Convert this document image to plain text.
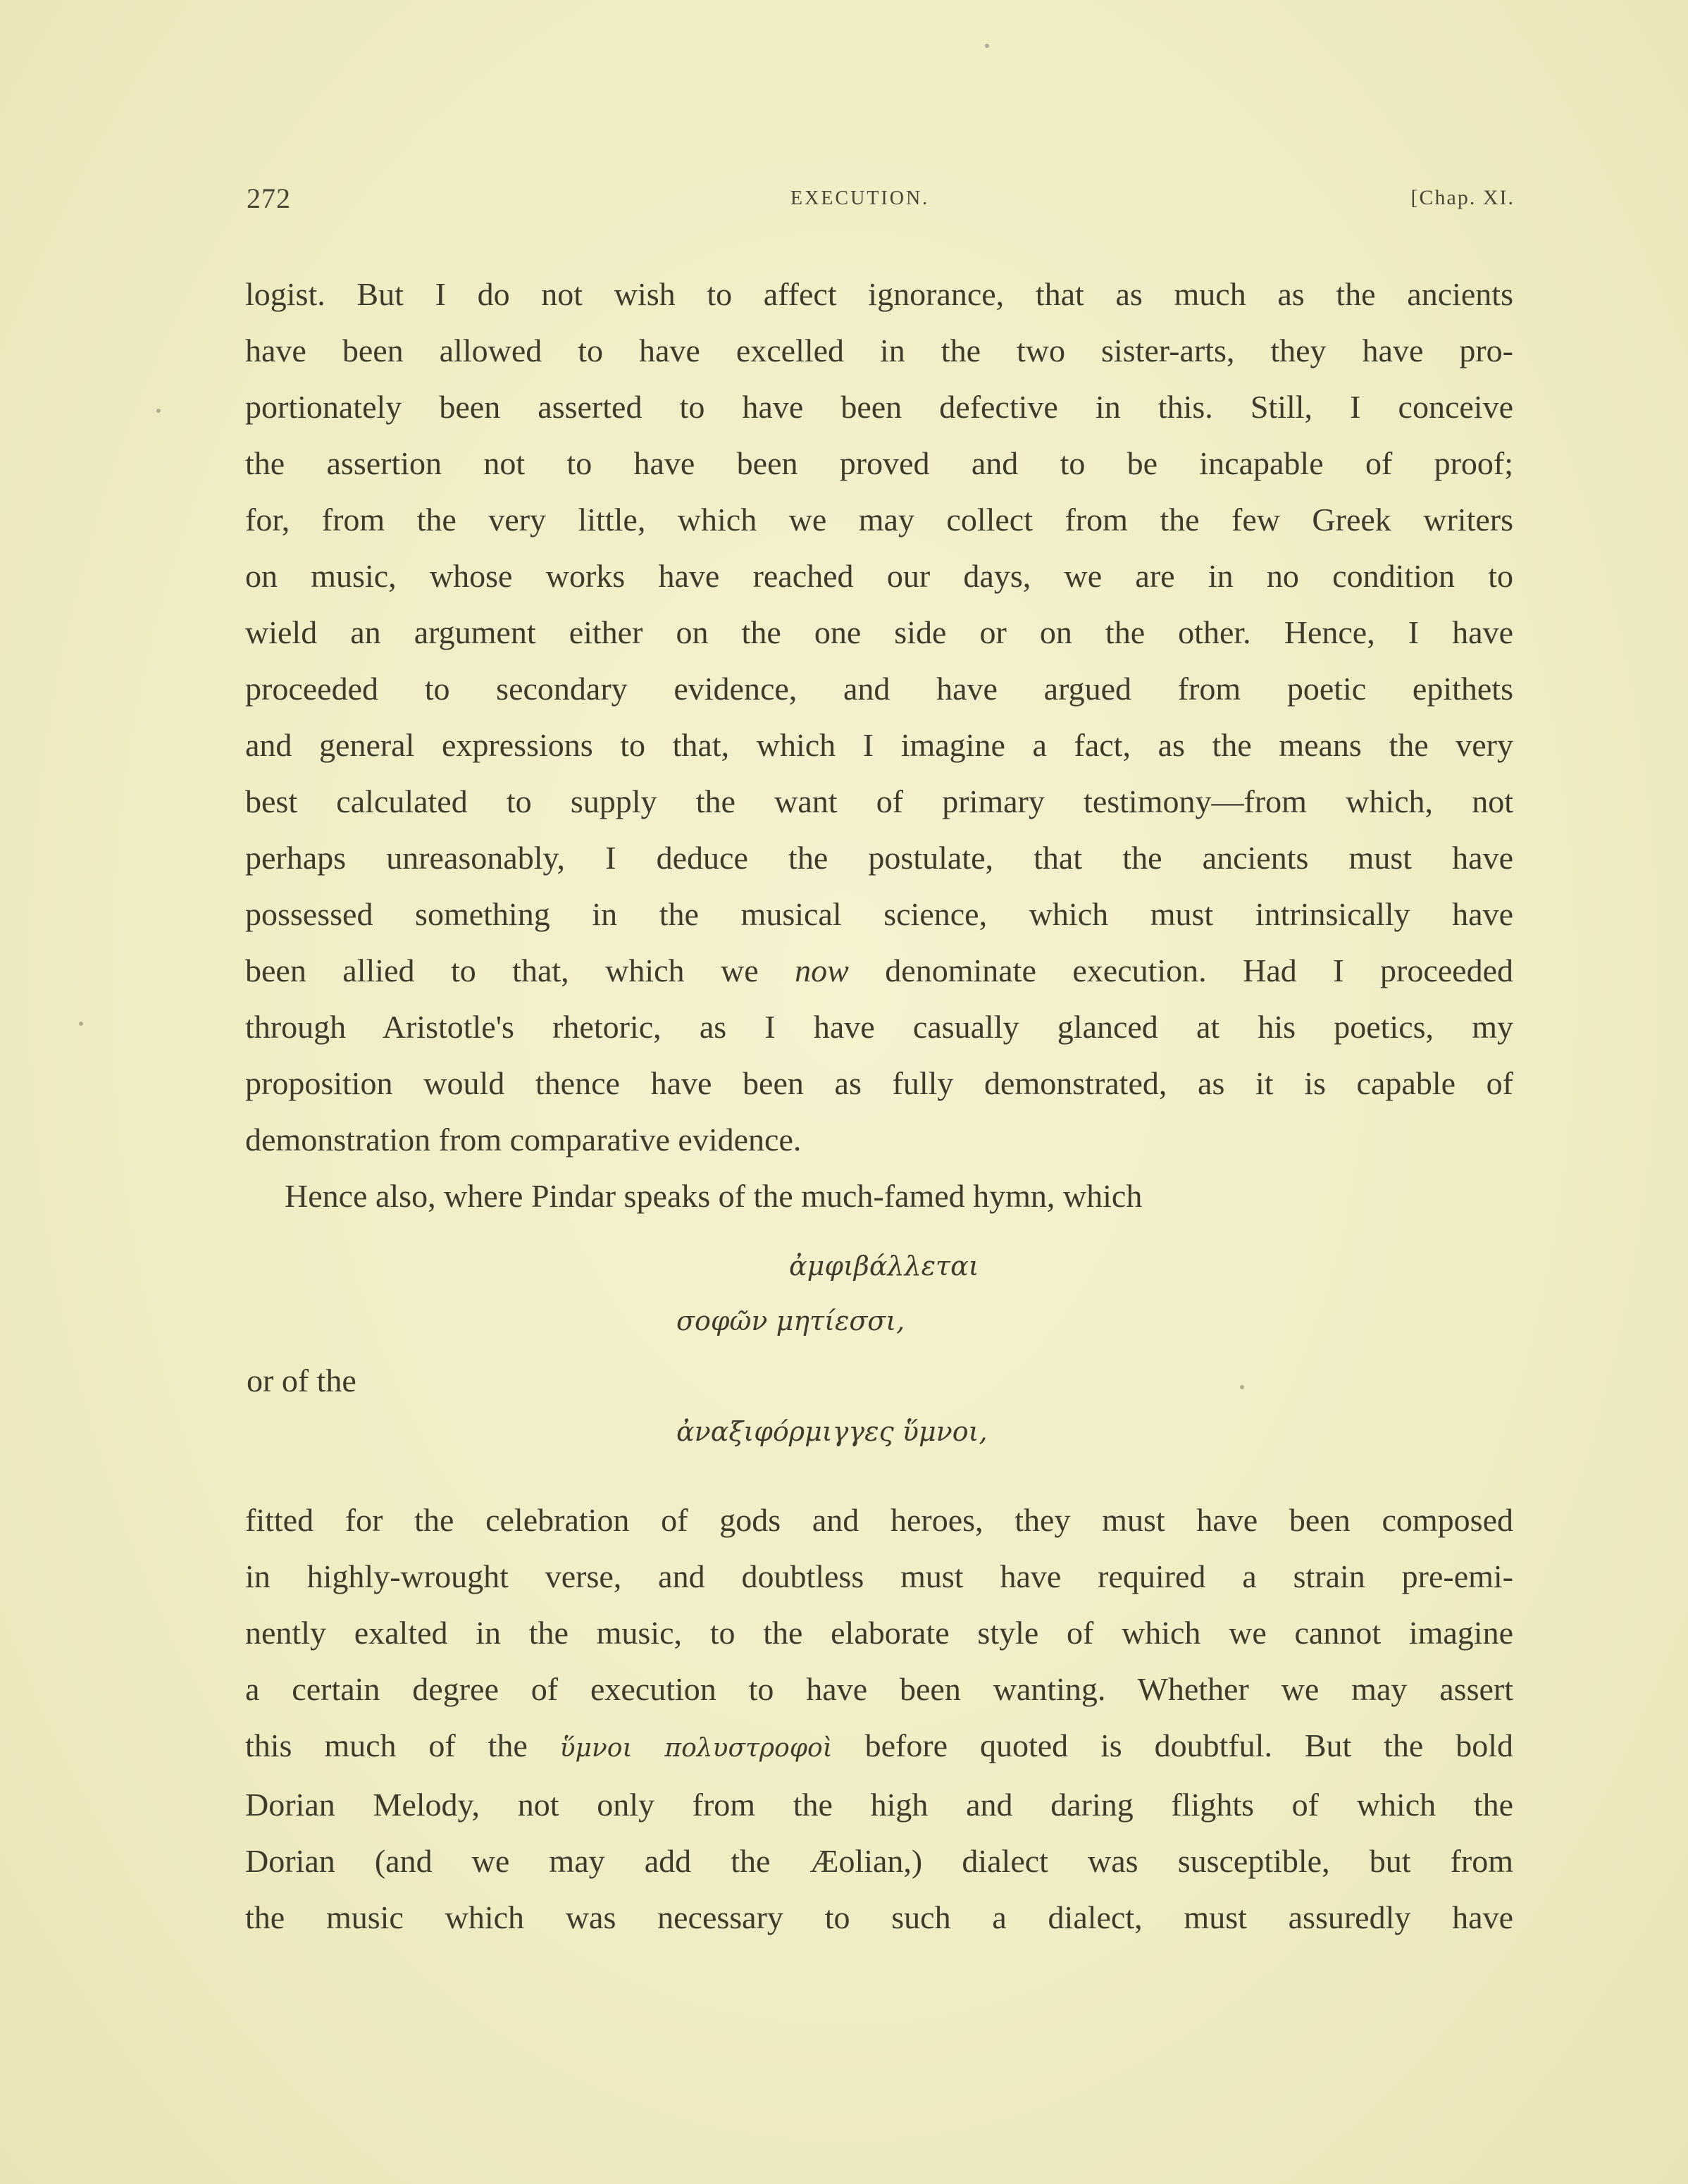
272	EXECUTION.	[Chap. XI.
logist. But I do not wish to affect ignorance, that as much as the ancients
have been allowed to have excelled in the two sister-arts, they have pro-
portionately been asserted to have been defective in this. Still, I conceive
the assertion not to have been proved and to be incapable of proof;
for, from the very little, which we may collect from the few Greek writers
on music, whose works have reached our days, we are in no condition to
wield an argument either on the one side or on the other. Hence, I have
proceeded to secondary evidence, and have argued from poetic epithets
and general expressions to that, which I imagine a fact, as the means the very
best calculated to supply the want of primary testimony—from which, not
perhaps unreasonably, I deduce the postulate, that the ancients must have
possessed something in the musical science, which must intrinsically have
been allied to that, which we now denominate execution. Had I proceeded
through Aristotle's rhetoric, as I have casually glanced at his poetics, my
proposition would thence have been as fully demonstrated, as it is capable of
demonstration from comparative evidence.
Hence also, where Pindar speaks of the much-famed hymn, which
ἀμφιβάλλεται
σοφῶν μητίεσσι,
or of the
ἀναξιφόρμιγγες ὕμνοι,
fitted for the celebration of gods and heroes, they must have been composed
in highly-wrought verse, and doubtless must have required a strain pre-emi-
nently exalted in the music, to the elaborate style of which we cannot imagine
a certain degree of execution to have been wanting. Whether we may assert
this much of the ὕμνοι πολυστροφοὶ before quoted is doubtful. But the bold
Dorian Melody, not only from the high and daring flights of which the
Dorian (and we may add the Æolian,) dialect was susceptible, but from
the music which was necessary to such a dialect, must assuredly have
